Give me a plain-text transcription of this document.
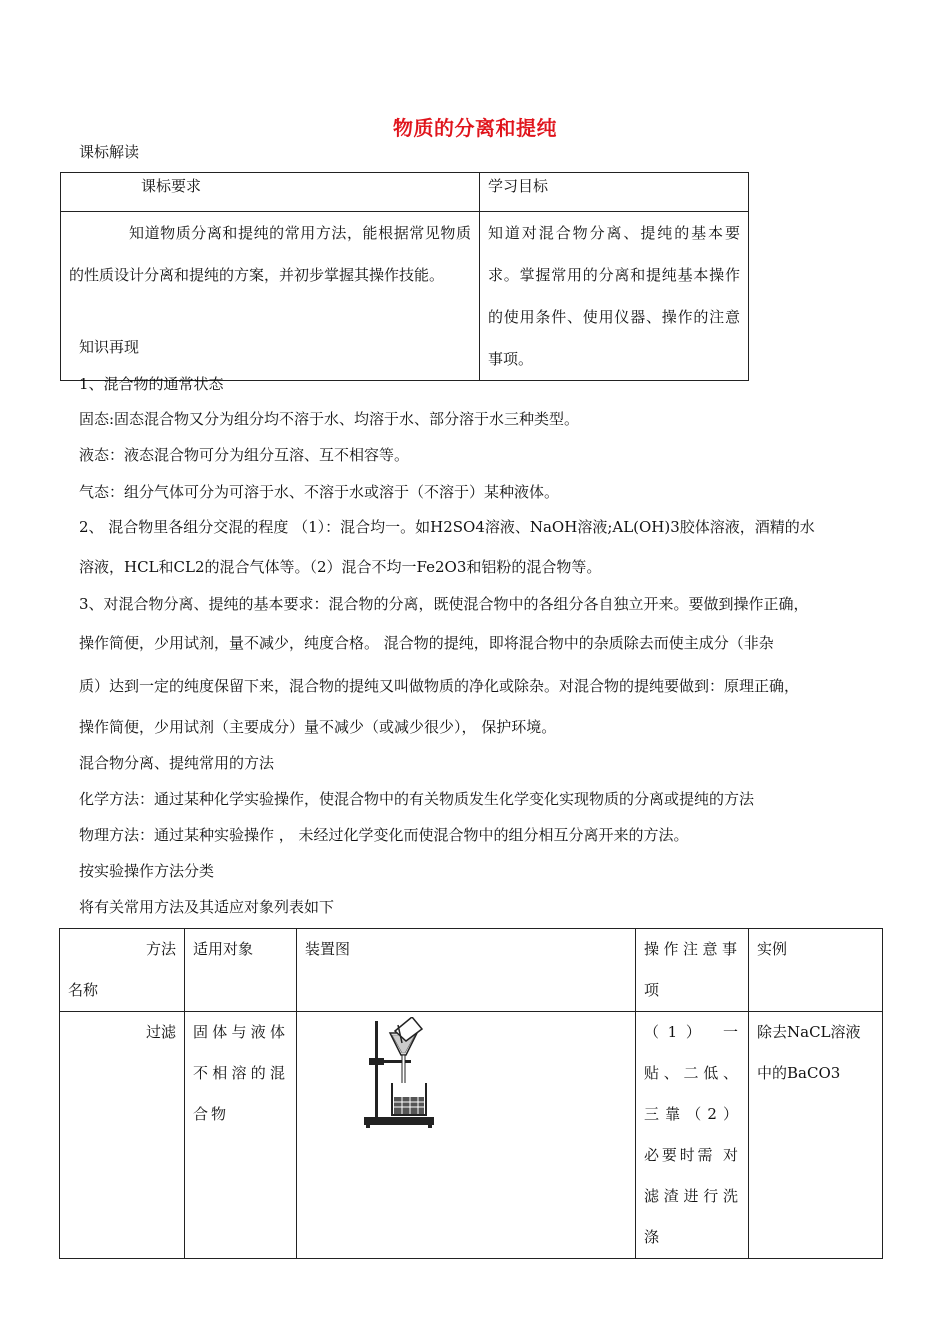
物质的分离和提纯
课标解读
课标要求	学习目标

知道物质分离和提纯的常用方法，能根据常见物质的性质设计分离和提纯的方案，并初步掌握其操作技能。	知道对混合物分离、提纯的基本要求。掌握常用的分离和提纯基本操作的使用条件、使用仪器、操作的注意事项。
知识再现
1、混合物的通常状态
固态:固态混合物又分为组分均不溶于水、均溶于水、部分溶于水三种类型。
液态：液态混合物可分为组分互溶、互不相容等。
气态：组分气体可分为可溶于水、不溶于水或溶于（不溶于）某种液体。
2、 混合物里各组分交混的程度 （1）：混合均一。如H2SO4溶液、NaOH溶液;AL(OH)3胶体溶液，酒精的水
溶液，HCL和CL2的混合气体等。（2）混合不均一Fe2O3和铝粉的混合物等。
3、对混合物分离、提纯的基本要求：混合物的分离，既使混合物中的各组分各自独立开来。要做到操作正确，
操作简便，少用试剂，量不减少，纯度合格。 混合物的提纯，即将混合物中的杂质除去而使主成分（非杂
质）达到一定的纯度保留下来，混合物的提纯又叫做物质的净化或除杂。对混合物的提纯要做到：原理正确，
操作简便，少用试剂（主要成分）量不减少（或减少很少）， 保护环境。
混合物分离、提纯常用的方法
化学方法：通过某种化学实验操作，使混合物中的有关物质发生化学变化实现物质的分离或提纯的方法
物理方法：通过某种实验操作 ， 未经过化学变化而使混合物中的组分相互分离开来的方法。
按实验操作方法分类
将有关常用方法及其适应对象列表如下
方法
名称	适用对象	装置图	操作注意事项	实例

过滤	固体与液体不相溶的混合物		（1） 一贴、二低、三靠（2）必要时需 对滤渣进行洗涤	除去NaCL溶液中的BaCO3
